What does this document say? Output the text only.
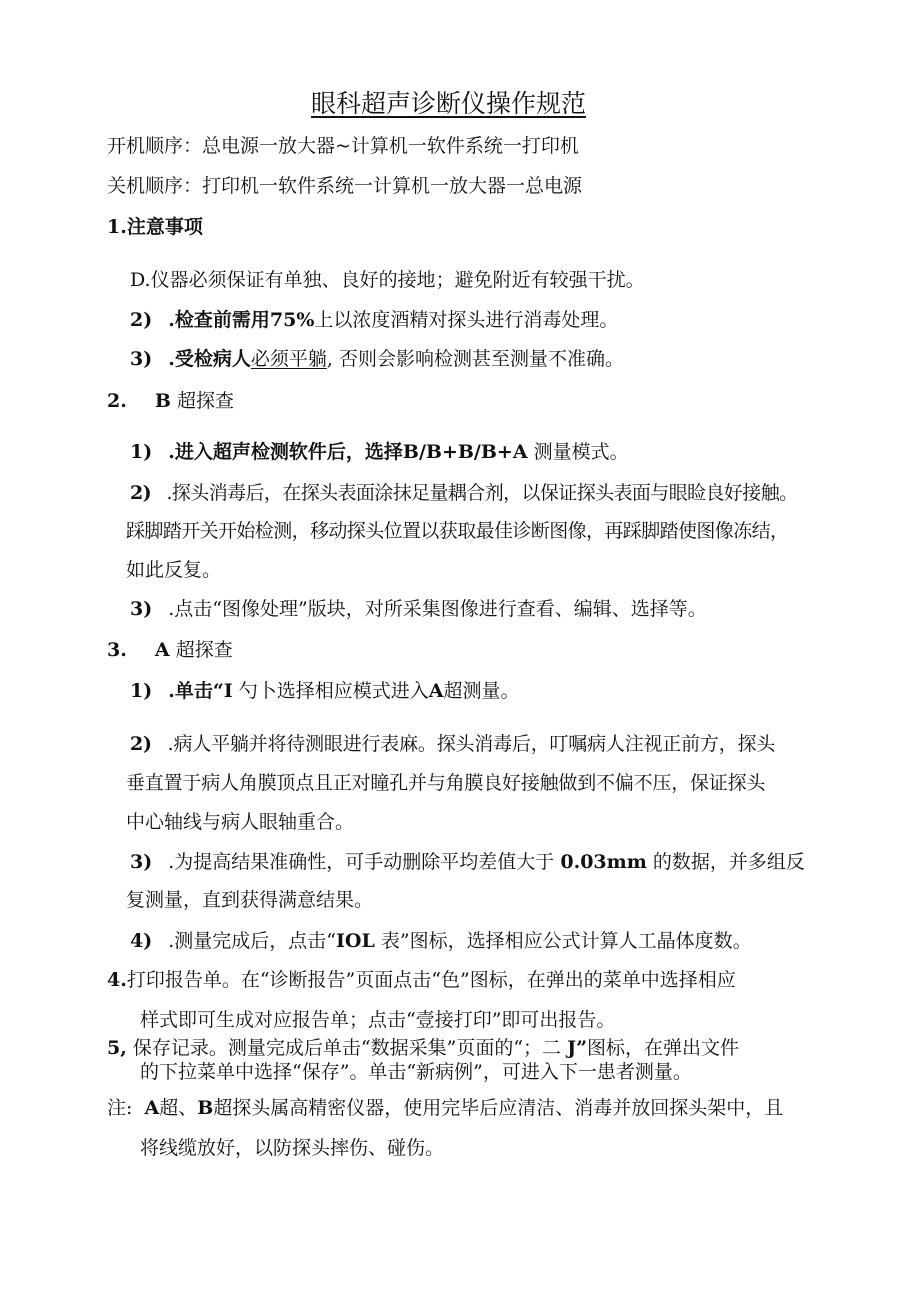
眼科超声诊断仪操作规范
开机顺序：总电源一放大器~计算机一软件系统一打印机
关机顺序：打印机一软件系统一计算机一放大器一总电源
1.注意事项
D.仪器必须保证有单独、良好的接地；避免附近有较强干扰。
2) .检查前需用75%上以浓度酒精对探头进行消毒处理。
3) .受检病人必须平躺, 否则会影响检测甚至测量不准确。
2. B 超探查
1) .进入超声检测软件后，选择B/B+B/B+A 测量模式。
2) .探头消毒后，在探头表面涂抹足量耦合剂，以保证探头表面与眼睑良好接触。
踩脚踏开关开始检测，移动探头位置以获取最佳诊断图像，再踩脚踏使图像冻结，
如此反复。
3) .点击“图像处理”版块，对所采集图像进行查看、编辑、选择等。
3. A 超探查
1) .单击“I 勺卜选择相应模式进入A超测量。
2) .病人平躺并将待测眼进行表麻。探头消毒后，叮嘱病人注视正前方，探头
垂直置于病人角膜顶点且正对瞳孔并与角膜良好接触做到不偏不压，保证探头
中心轴线与病人眼轴重合。
3) .为提高结果准确性，可手动删除平均差值大于 0.03mm 的数据，并多组反
复测量，直到获得满意结果。
4) .测量完成后，点击“IOL 表”图标，选择相应公式计算人工晶体度数。
4.打印报告单。在“诊断报告”页面点击“色”图标，在弹出的菜单中选择相应
样式即可生成对应报告单；点击“壹接打印”即可出报告。
5, 保存记录。测量完成后单击“数据采集”页面的“；二 J”图标，在弹出文件
的下拉菜单中选择“保存”。单击“新病例”，可进入下一患者测量。
注: A超、B超探头属高精密仪器，使用完毕后应清洁、消毒并放回探头架中，且
将线缆放好，以防探头摔伤、碰伤。
